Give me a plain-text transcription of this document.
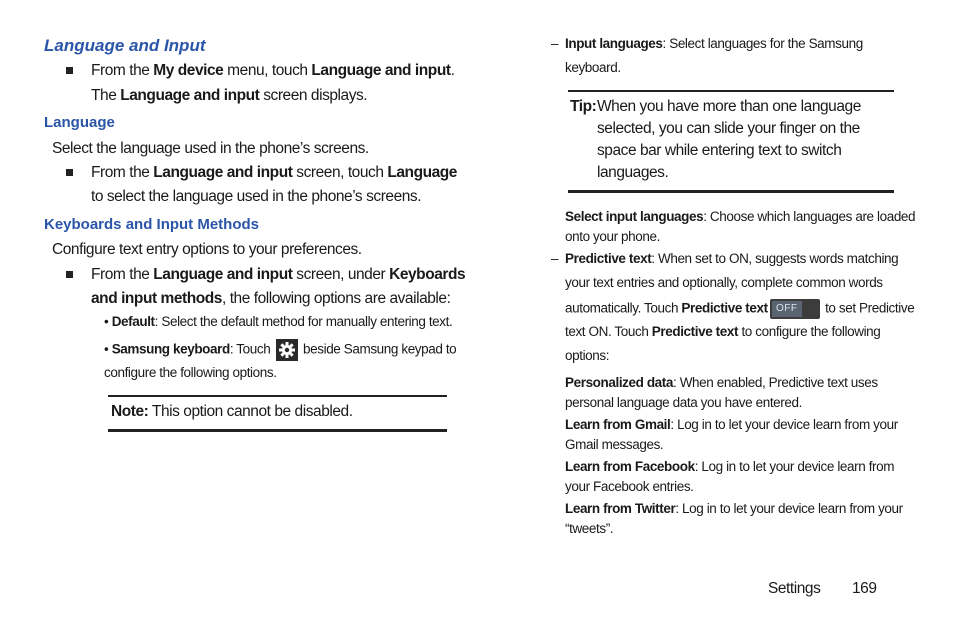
Language and Input
From the My device menu, touch Language and input.
The Language and input screen displays.
Language
Select the language used in the phone’s screens.
From the Language and input screen, touch Language
to select the language used in the phone’s screens.
Keyboards and Input Methods
Configure text entry options to your preferences.
From the Language and input screen, under Keyboards
and input methods, the following options are available:
• Default: Select the default method for manually entering text.
• Samsung keyboard: Touch
beside Samsung keypad to
configure the following options.
Note: This option cannot be disabled.
– Input languages: Select languages for the Samsung
keyboard.
Tip: When you have more than one language
selected, you can slide your finger on the
space bar while entering text to switch
languages.
Select input languages: Choose which languages are loaded
onto your phone.
– Predictive text: When set to ON, suggests words matching
your text entries and optionally, complete common words
automatically. Touch Predictive text OFF	to set Predictive
text ON. Touch Predictive text to configure the following
options:
Personalized data: When enabled, Predictive text uses
personal language data you have entered.
Learn from Gmail: Log in to let your device learn from your
Gmail messages.
Learn from Facebook: Log in to let your device learn from
your Facebook entries.
Learn from Twitter: Log in to let your device learn from your
“tweets”.
Settings 169
